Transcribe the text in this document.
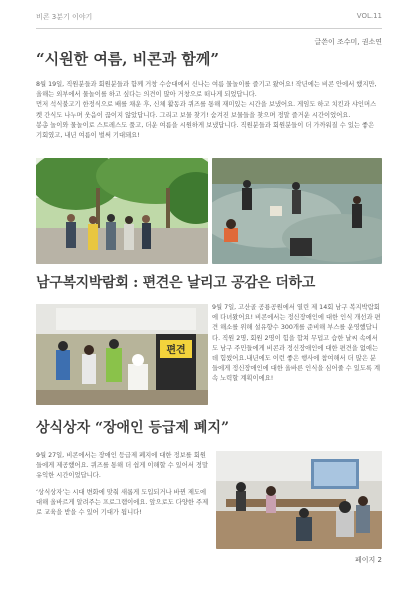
비콘 3분기 이야기	VOL.11
글쓴이 조수미, 권소연
“시원한 여름, 비콘과 함께”

8월 19일, 직원분들과 회원분들과 함께 거창 수승대에서 신나는 여름 물놀이를 즐기고 왔어요! 작년에는 비콘 안에서 했지만, 올해는 외부에서 물놀이를 하고 싶다는 의견이 많아 거창으로 떠나게 되었답니다.

먼저 석식불고기 한정식으로 배를 채운 후, 신체 활동과 퀴즈를 통해 재미있는 시간을 보냈어요. 게임도 하고 치킨과 샤인머스켓 간식도 나누며 웃음이 끊이지 않았답니다. 그리고 보물 찾기! 숨겨진 보물들을 찾으며 정말 즐거운 시간이었어요.

봉총 놀이와 물놀이로 스트레스도 풀고, 더운 여름을 시원하게 보냈답니다. 직원분들과 회원분들이 더 가까워질 수 있는 좋은 기회였고, 내년 여름이 벌써 기대돼요!

남구복지박람회 : 편견은 날리고 공감은 더하고
편견
9월 7일, 고산골 공룡공원에서 열린 제 14회 남구 복지박람회에 다녀왔어요! 비콘에서는 정신장애인에 대한 인식 개선과 편견 해소를 위해 설유향수 300개를 준비해 부스를 운영했답니다. 직원 2명, 회원 2명이 힘을 합쳐 무덥고 습한 날씨 속에서도 남구 주민들에게 비콘과 정신장애인에 대한 편견을 없애는 데 힘썼어요.내년에도 이런 좋은 행사에 참여해서 더 많은 분들에게 정신장애인에 대한 올바른 인식을 심어줄 수 있도록 계속 노력할 계획이에요!
상식상자 “장애인 등급제 폐지”

9월 27일, 비콘에서는 장애인 등급제 폐지에 대한 정보를 회원들에게 제공했어요. 퀴즈를 통해 더 쉽게 이해할 수 있어서 정말 유익한 시간이었답니다.

‘상식상자’는 시대 변화에 맞춰 새롭게 도입되거나 바뀐 제도에 대해 올바르게 알려주는 프로그램이에요. 앞으로도 다양한 주제로 교육을 받을 수 있어 기대가 됩니다!

페이지 2
